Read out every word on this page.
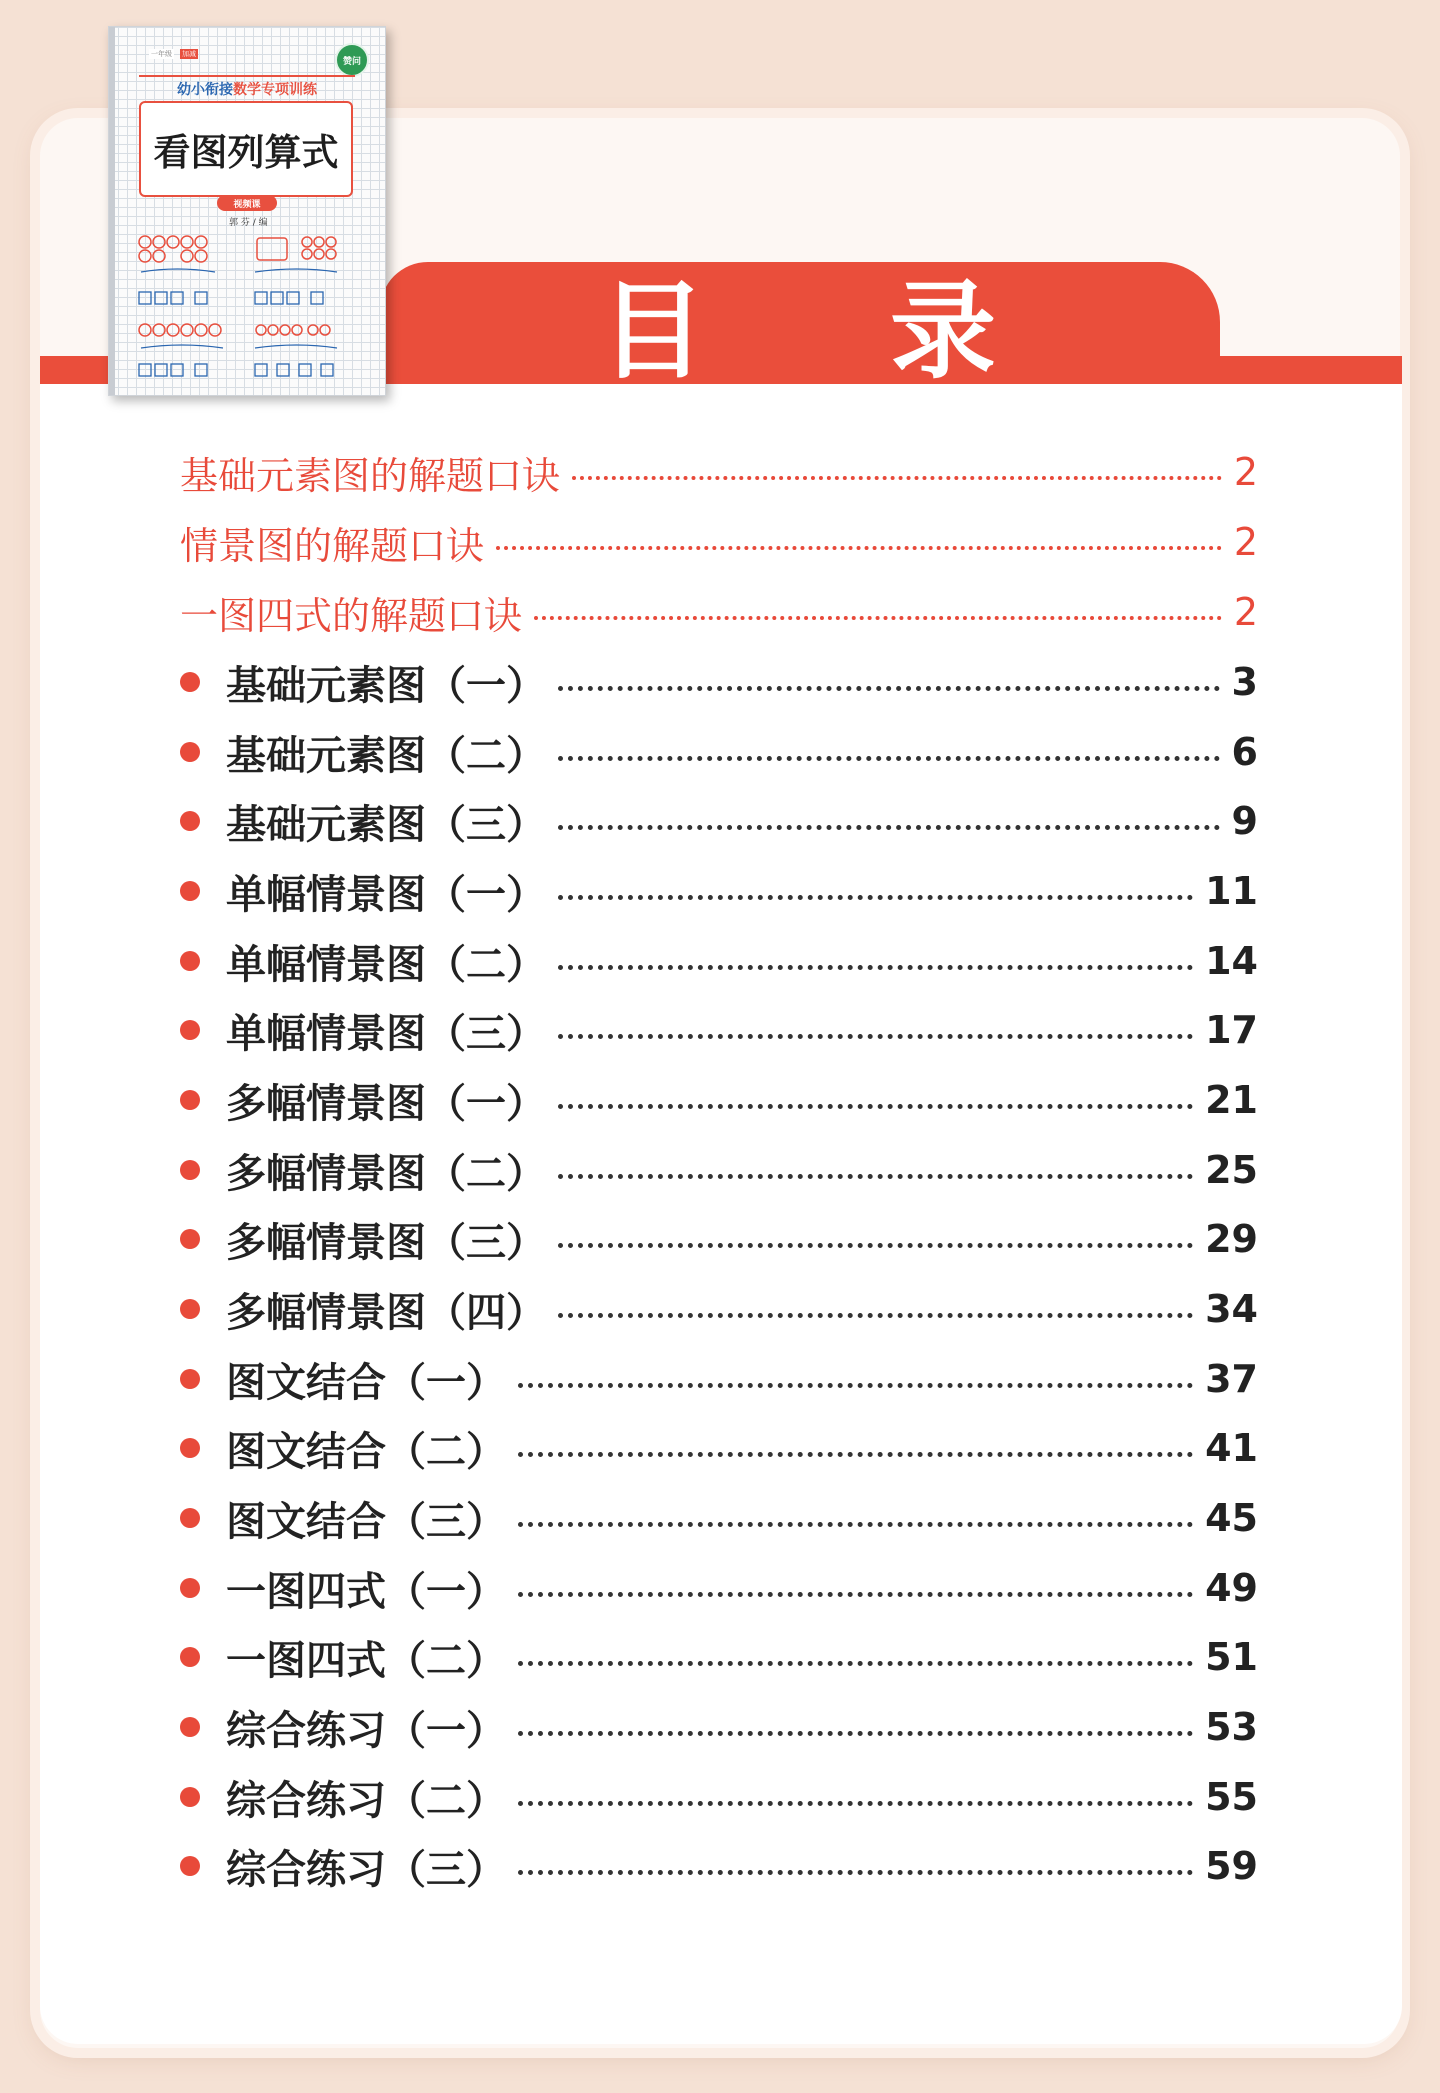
目 录
一年级 加减
赞问
幼小衔接数学专项训练
看图列算式
视频课
郭 芬 / 编
基础元素图的解题口诀	2
情景图的解题口诀	2
一图四式的解题口诀	2
基础元素图（一）	3
基础元素图（二）	6
基础元素图（三）	9
单幅情景图（一）	11
单幅情景图（二）	14
单幅情景图（三）	17
多幅情景图（一）	21
多幅情景图（二）	25
多幅情景图（三）	29
多幅情景图（四）	34
图文结合（一）	37
图文结合（二）	41
图文结合（三）	45
一图四式（一）	49
一图四式（二）	51
综合练习（一）	53
综合练习（二）	55
综合练习（三）	59
